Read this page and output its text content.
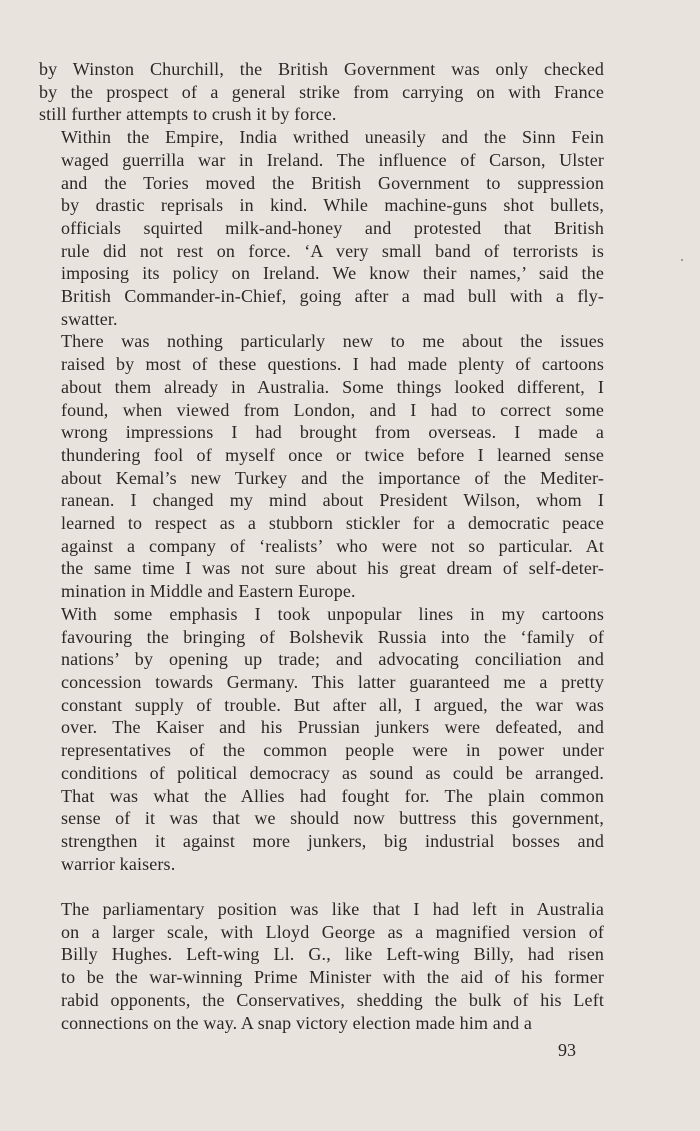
by Winston Churchill, the British Government was only checked
by the prospect of a general strike from carrying on with France
still further attempts to crush it by force.

Within the Empire, India writhed uneasily and the Sinn Fein
waged guerrilla war in Ireland. The influence of Carson, Ulster
and the Tories moved the British Government to suppression
by drastic reprisals in kind. While machine-guns shot bullets,
officials squirted milk-and-honey and protested that British
rule did not rest on force. ‘A very small band of terrorists is
imposing its policy on Ireland. We know their names,’ said the
British Commander-in-Chief, going after a mad bull with a fly-
swatter.

There was nothing particularly new to me about the issues
raised by most of these questions. I had made plenty of cartoons
about them already in Australia. Some things looked different, I
found, when viewed from London, and I had to correct some
wrong impressions I had brought from overseas. I made a
thundering fool of myself once or twice before I learned sense
about Kemal’s new Turkey and the importance of the Mediter-
ranean. I changed my mind about President Wilson, whom I
learned to respect as a stubborn stickler for a democratic peace
against a company of ‘realists’ who were not so particular. At
the same time I was not sure about his great dream of self-deter-
mination in Middle and Eastern Europe.

With some emphasis I took unpopular lines in my cartoons
favouring the bringing of Bolshevik Russia into the ‘family of
nations’ by opening up trade; and advocating conciliation and
concession towards Germany. This latter guaranteed me a pretty
constant supply of trouble. But after all, I argued, the war was
over. The Kaiser and his Prussian junkers were defeated, and
representatives of the common people were in power under
conditions of political democracy as sound as could be arranged.
That was what the Allies had fought for. The plain common
sense of it was that we should now buttress this government,
strengthen it against more junkers, big industrial bosses and
warrior kaisers.

The parliamentary position was like that I had left in Australia
on a larger scale, with Lloyd George as a magnified version of
Billy Hughes. Left-wing Ll. G., like Left-wing Billy, had risen
to be the war-winning Prime Minister with the aid of his former
rabid opponents, the Conservatives, shedding the bulk of his Left
connections on the way. A snap victory election made him and a

93
